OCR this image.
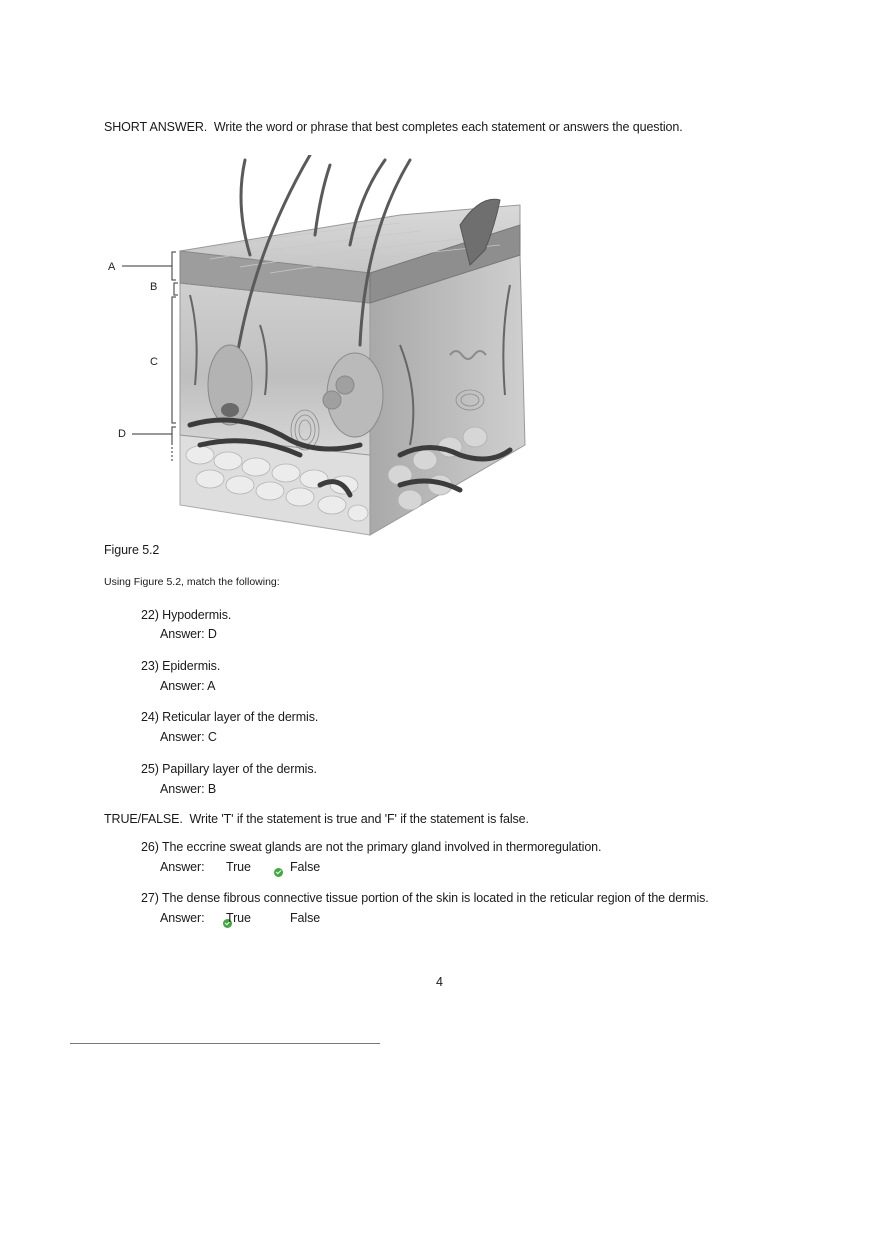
SHORT ANSWER. Write the word or phrase that best completes each statement or answers the question.
A
B
C
D
Figure 5.2
Using Figure 5.2, match the following:
22) Hypodermis.
Answer: D
23) Epidermis.
Answer: A
24) Reticular layer of the dermis.
Answer: C
25) Papillary layer of the dermis.
Answer: B
TRUE/FALSE. Write 'T' if the statement is true and 'F' if the statement is false.
26) The eccrine sweat glands are not the primary gland involved in thermoregulation.
Answer: True
	False
27) The dense fibrous connective tissue portion of the skin is located in the reticular region of the dermis.
Answer: True	False
4
